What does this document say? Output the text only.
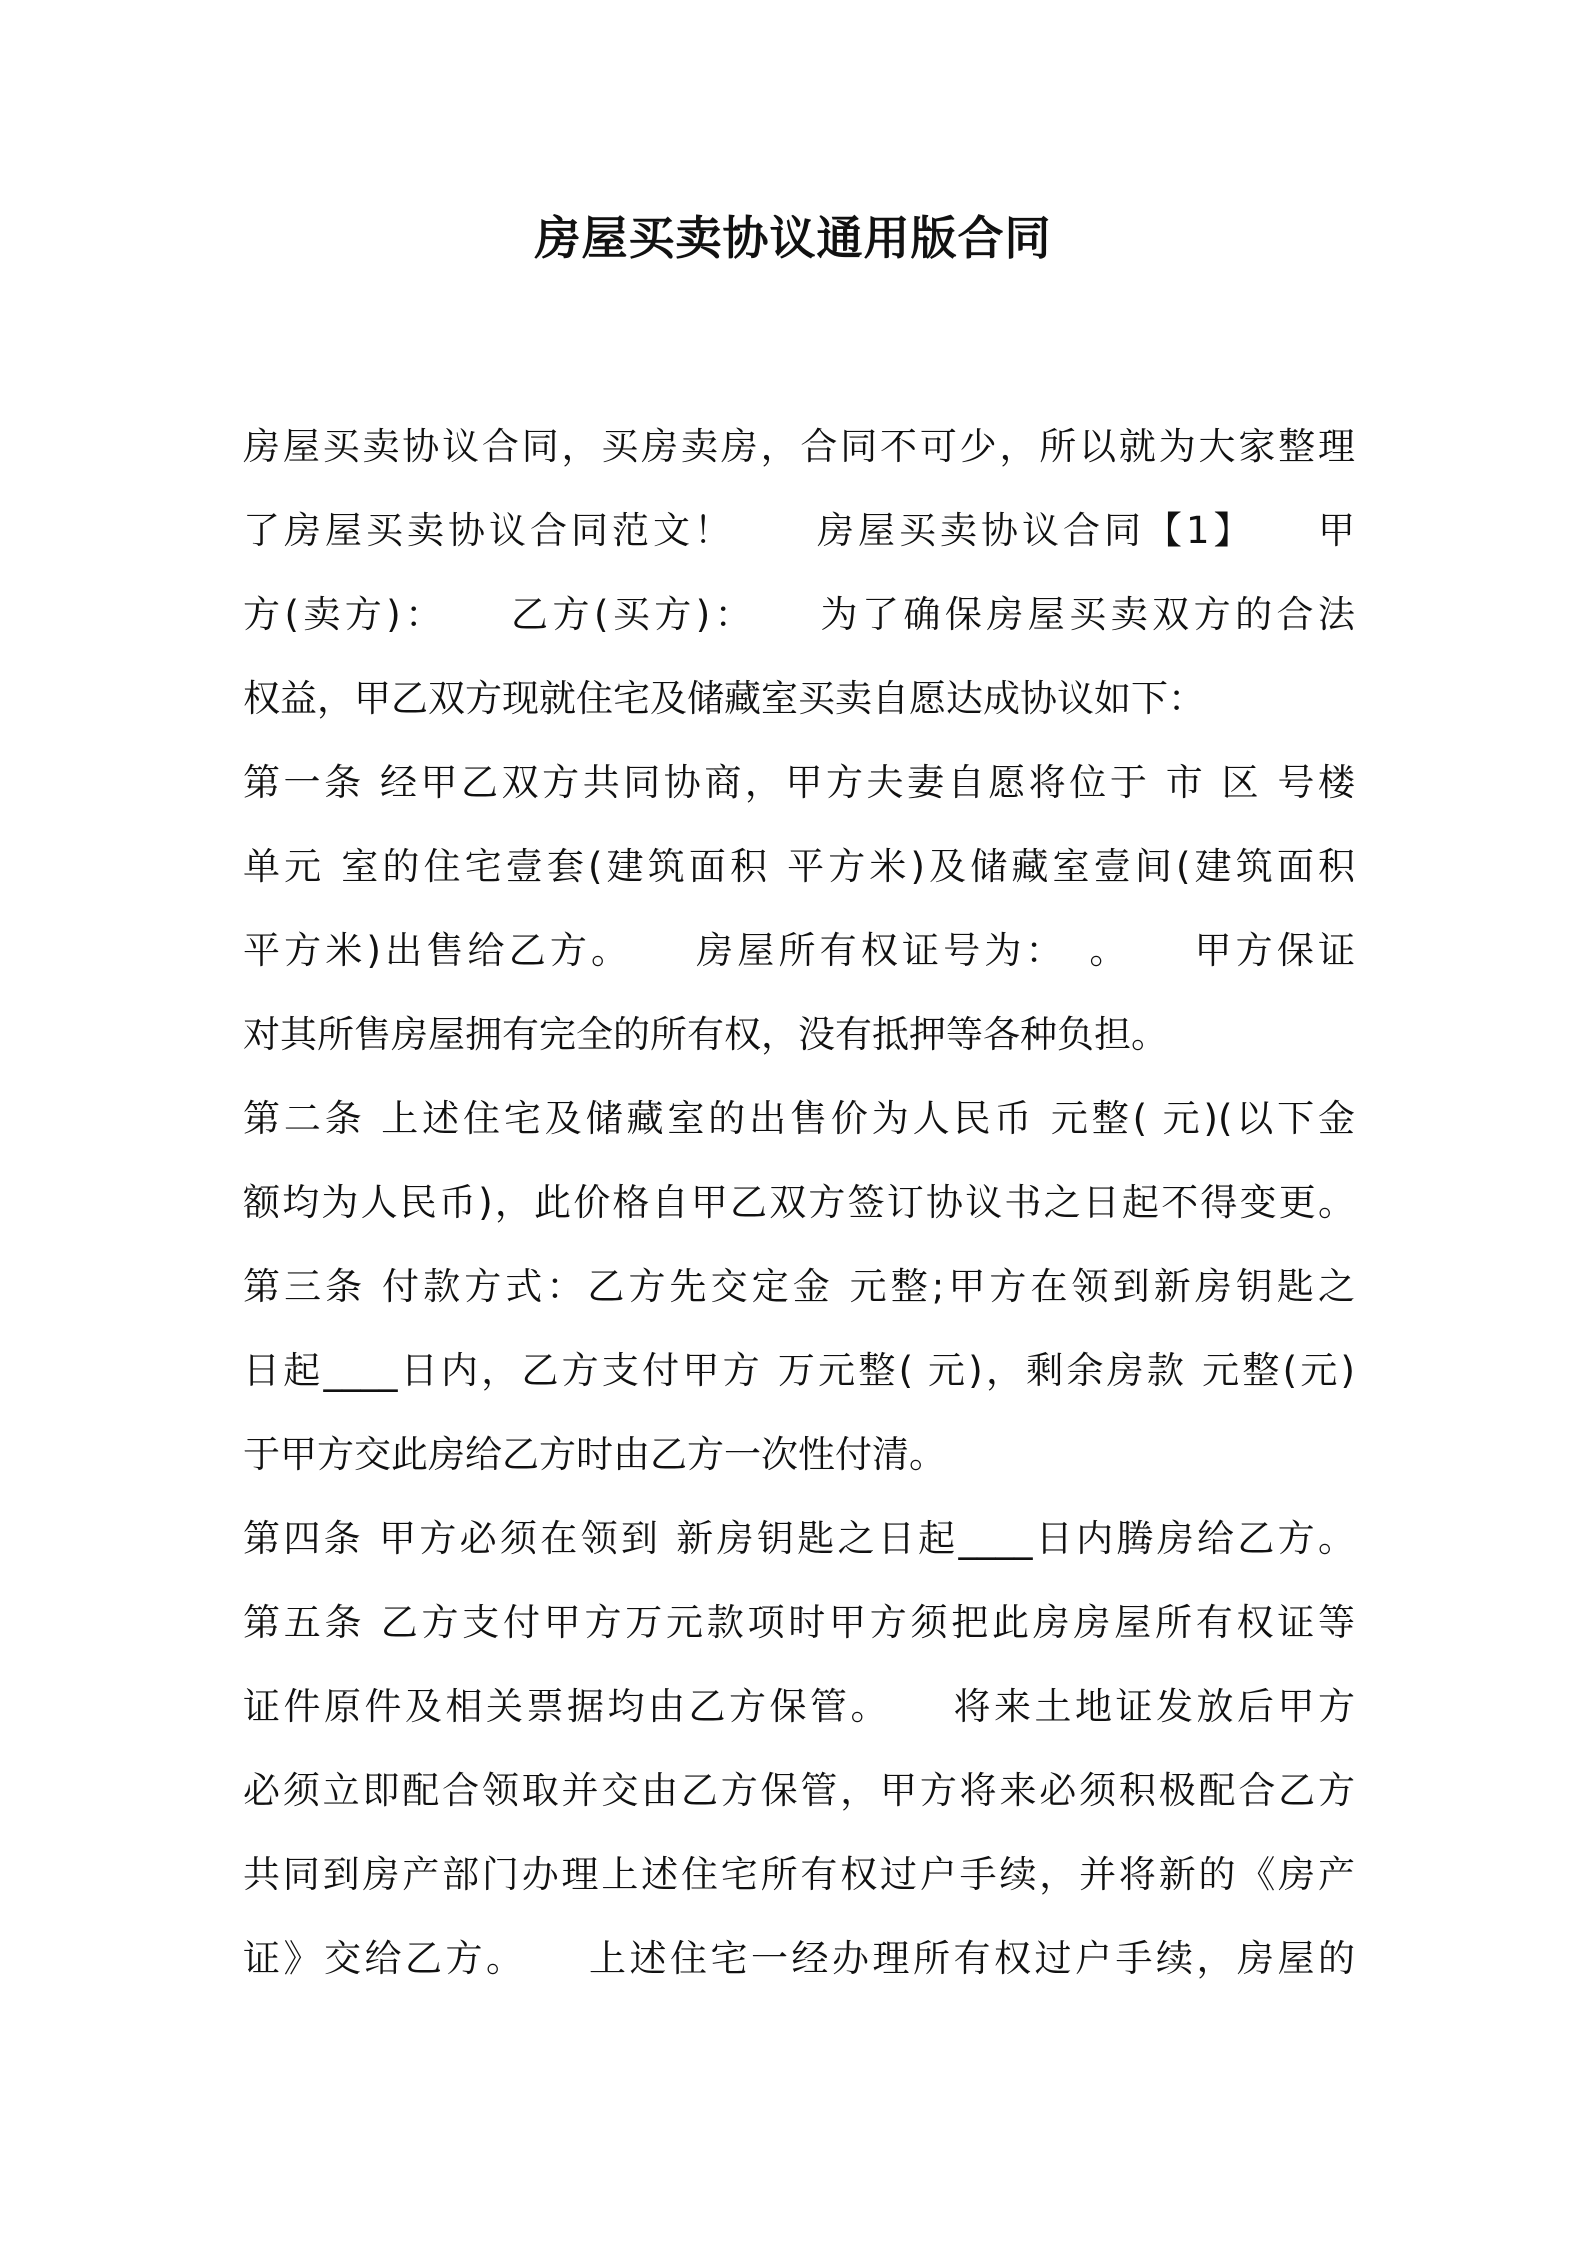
房屋买卖协议通用版合同
房屋买卖协议合同，买房卖房，合同不可少，所以就为大家整理
了房屋买卖协议合同范文！　　房屋买卖协议合同【1】　　甲
方(卖方)：　　乙方(买方)：　　为了确保房屋买卖双方的合法
权益，甲乙双方现就住宅及储藏室买卖自愿达成协议如下：
第一条 经甲乙双方共同协商，甲方夫妻自愿将位于 市 区 号楼
单元 室的住宅壹套(建筑面积 平方米)及储藏室壹间(建筑面积
平方米)出售给乙方。　　房屋所有权证号为：　。　　甲方保证
对其所售房屋拥有完全的所有权，没有抵押等各种负担。
第二条 上述住宅及储藏室的出售价为人民币 元整( 元)(以下金
额均为人民币)，此价格自甲乙双方签订协议书之日起不得变更。
第三条 付款方式：乙方先交定金 元整;甲方在领到新房钥匙之
日起____日内，乙方支付甲方 万元整( 元)，剩余房款 元整(元)
于甲方交此房给乙方时由乙方一次性付清。
第四条 甲方必须在领到 新房钥匙之日起____日内腾房给乙方。
第五条 乙方支付甲方万元款项时甲方须把此房房屋所有权证等
证件原件及相关票据均由乙方保管。　　将来土地证发放后甲方
必须立即配合领取并交由乙方保管，甲方将来必须积极配合乙方
共同到房产部门办理上述住宅所有权过户手续，并将新的《房产
证》交给乙方。　　上述住宅一经办理所有权过户手续，房屋的
